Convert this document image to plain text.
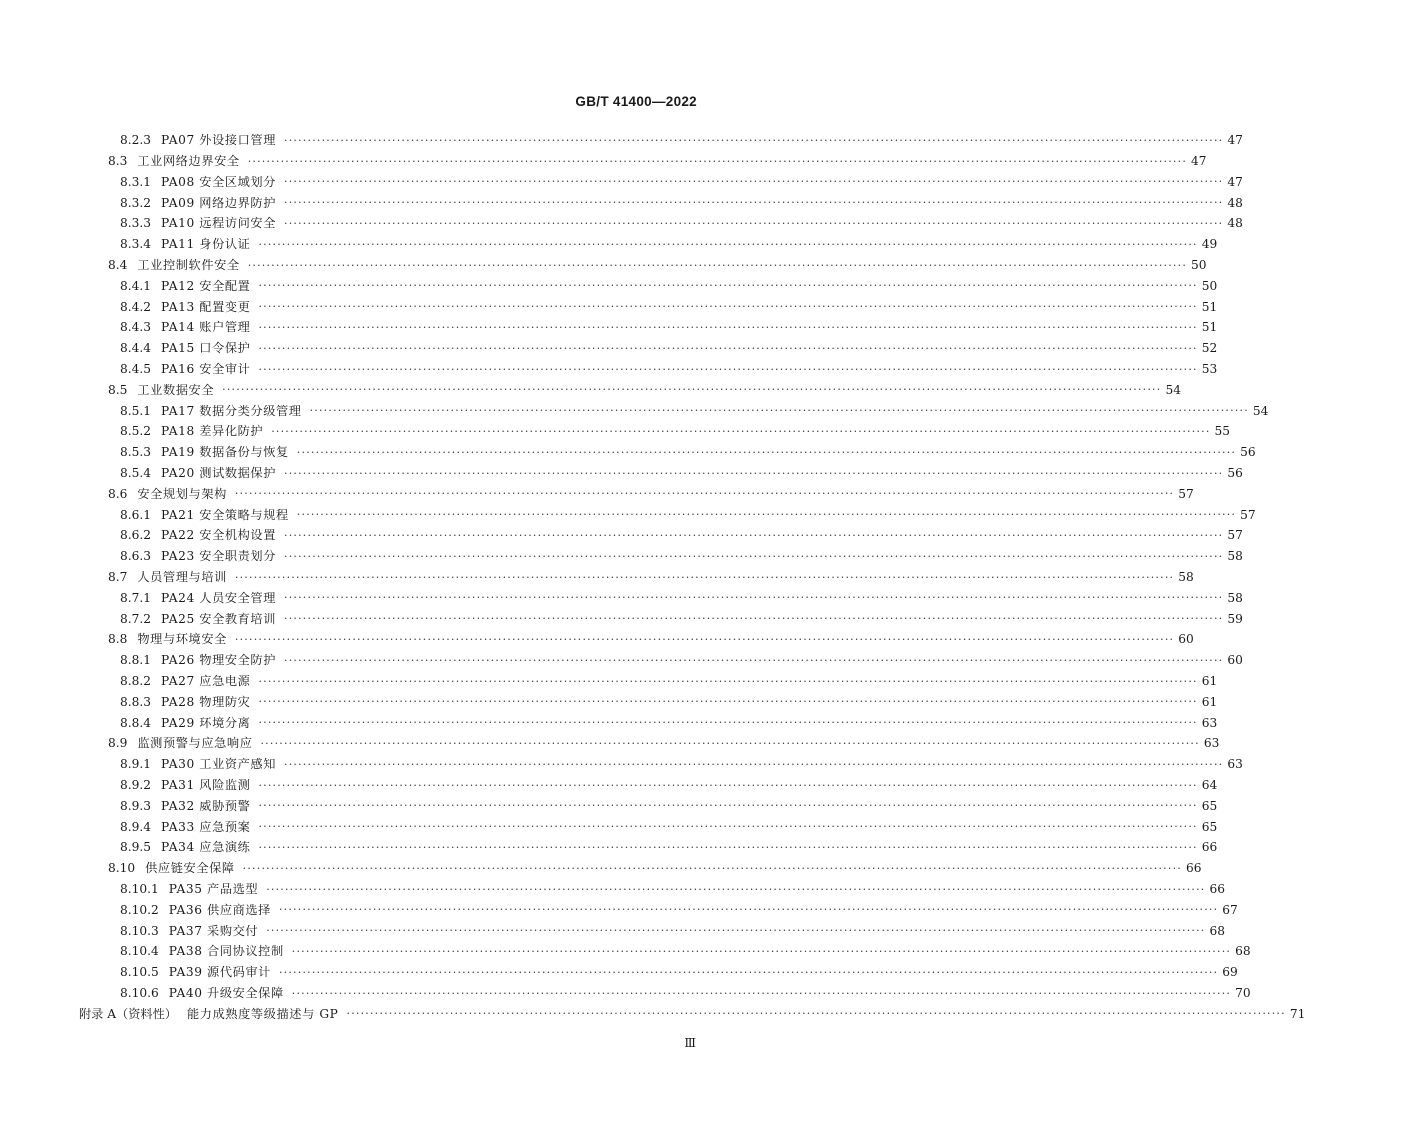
GB/T 41400—2022
8.2.3 PA07 外设接口管理 ········································································································································································································ 47
8.3 工业网络边界安全 ········································································································································································································ 47
8.3.1 PA08 安全区域划分 ········································································································································································································ 47
8.3.2 PA09 网络边界防护 ········································································································································································································ 48
8.3.3 PA10 远程访问安全 ········································································································································································································ 48
8.3.4 PA11 身份认证 ········································································································································································································ 49
8.4 工业控制软件安全 ········································································································································································································ 50
8.4.1 PA12 安全配置 ········································································································································································································ 50
8.4.2 PA13 配置变更 ········································································································································································································ 51
8.4.3 PA14 账户管理 ········································································································································································································ 51
8.4.4 PA15 口令保护 ········································································································································································································ 52
8.4.5 PA16 安全审计 ········································································································································································································ 53
8.5 工业数据安全 ········································································································································································································ 54
8.5.1 PA17 数据分类分级管理 ········································································································································································································ 54
8.5.2 PA18 差异化防护 ········································································································································································································ 55
8.5.3 PA19 数据备份与恢复 ········································································································································································································ 56
8.5.4 PA20 测试数据保护 ········································································································································································································ 56
8.6 安全规划与架构 ········································································································································································································ 57
8.6.1 PA21 安全策略与规程 ········································································································································································································ 57
8.6.2 PA22 安全机构设置 ········································································································································································································ 57
8.6.3 PA23 安全职责划分 ········································································································································································································ 58
8.7 人员管理与培训 ········································································································································································································ 58
8.7.1 PA24 人员安全管理 ········································································································································································································ 58
8.7.2 PA25 安全教育培训 ········································································································································································································ 59
8.8 物理与环境安全 ········································································································································································································ 60
8.8.1 PA26 物理安全防护 ········································································································································································································ 60
8.8.2 PA27 应急电源 ········································································································································································································ 61
8.8.3 PA28 物理防灾 ········································································································································································································ 61
8.8.4 PA29 环境分离 ········································································································································································································ 63
8.9 监测预警与应急响应 ········································································································································································································ 63
8.9.1 PA30 工业资产感知 ········································································································································································································ 63
8.9.2 PA31 风险监测 ········································································································································································································ 64
8.9.3 PA32 威胁预警 ········································································································································································································ 65
8.9.4 PA33 应急预案 ········································································································································································································ 65
8.9.5 PA34 应急演练 ········································································································································································································ 66
8.10 供应链安全保障 ········································································································································································································ 66
8.10.1 PA35 产品选型 ········································································································································································································ 66
8.10.2 PA36 供应商选择 ········································································································································································································ 67
8.10.3 PA37 采购交付 ········································································································································································································ 68
8.10.4 PA38 合同协议控制 ········································································································································································································ 68
8.10.5 PA39 源代码审计 ········································································································································································································ 69
8.10.6 PA40 升级安全保障 ········································································································································································································ 70
附录 A（资料性） 能力成熟度等级描述与 GP ········································································································································································································ 71
Ⅲ
